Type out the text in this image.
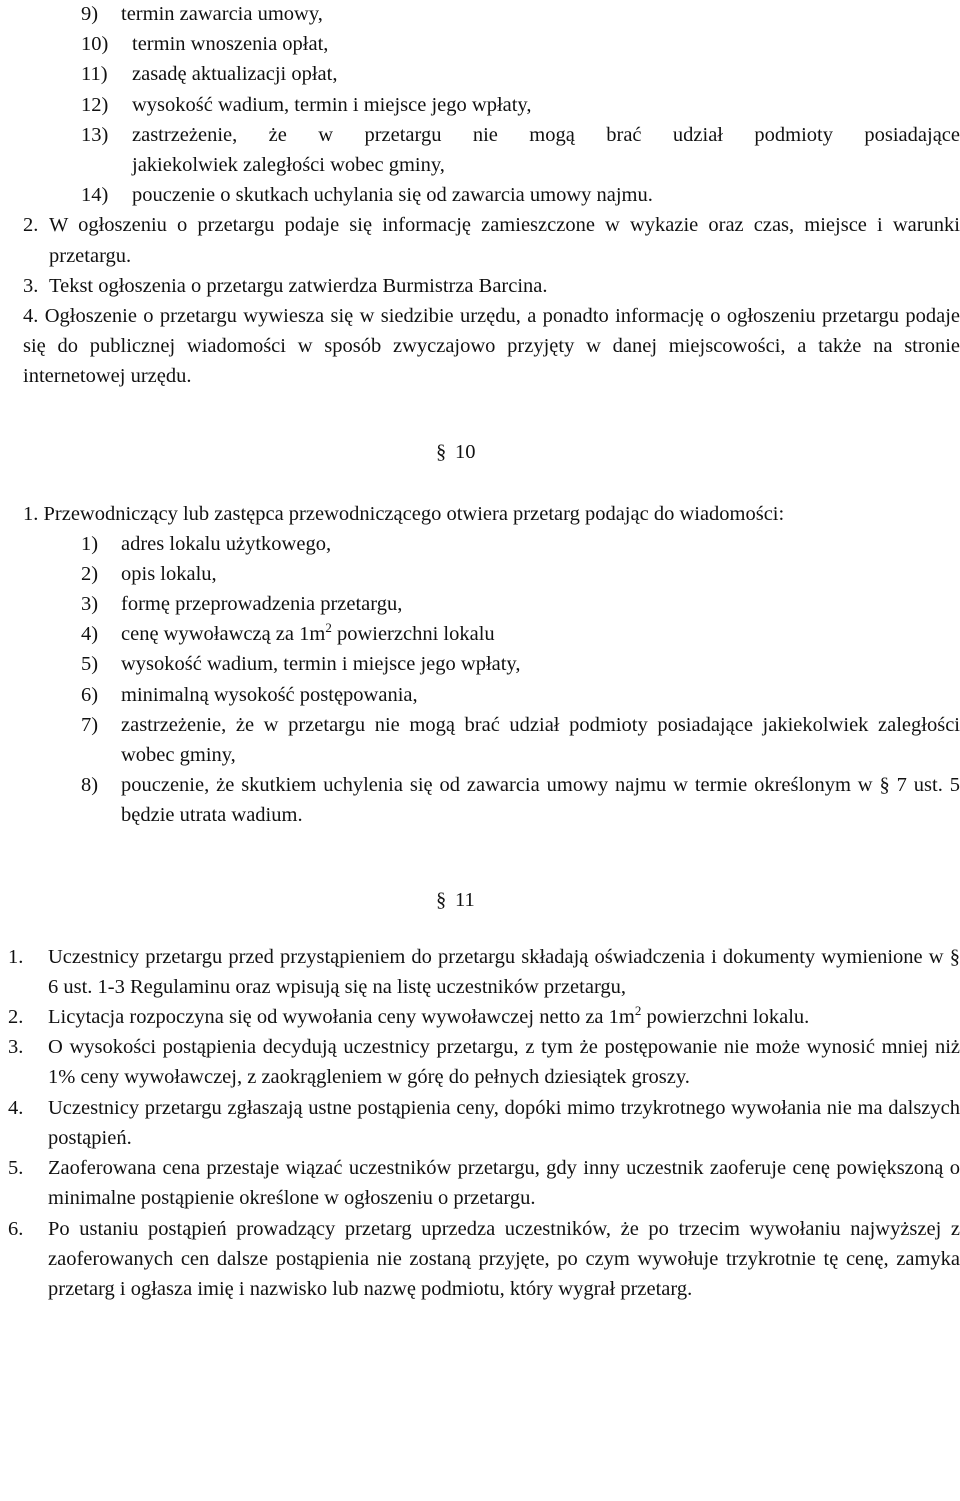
9) termin zawarcia umowy,
10) termin wnoszenia opłat,
11) zasadę aktualizacji opłat,
12) wysokość wadium, termin i miejsce jego wpłaty,
13) zastrzeżenie, że w przetargu nie mogą brać udział podmioty posiadające
jakiekolwiek zaległości wobec gminy,
14) pouczenie o skutkach uchylania się od zawarcia umowy najmu.
2. W ogłoszeniu o przetargu podaje się informację zamieszczone w wykazie oraz czas, miejsce i warunki przetargu.
3. Tekst ogłoszenia o przetargu zatwierdza Burmistrza Barcina.
4. Ogłoszenie o przetargu wywiesza się w siedzibie urzędu, a ponadto informację o ogłoszeniu przetargu podaje się do publicznej wiadomości w sposób zwyczajowo przyjęty w danej miejscowości, a także na stronie internetowej urzędu.
§ 10
1. Przewodniczący lub zastępca przewodniczącego otwiera przetarg podając do wiadomości:
1) adres lokalu użytkowego,
2) opis lokalu,
3) formę przeprowadzenia przetargu,
4) cenę wywoławczą za $1m^2$ powierzchni lokalu
5) wysokość wadium, termin i miejsce jego wpłaty,
6) minimalną wysokość postępowania,
7) zastrzeżenie, że w przetargu nie mogą brać udział podmioty posiadające jakiekolwiek zaległości wobec gminy,
8) pouczenie, że skutkiem uchylenia się od zawarcia umowy najmu w termie określonym w § 7 ust. 5 będzie utrata wadium.
§ 11
1. Uczestnicy przetargu przed przystąpieniem do przetargu składają oświadczenia i dokumenty wymienione w § 6 ust. 1-3 Regulaminu oraz wpisują się na listę uczestników przetargu,
2. Licytacja rozpoczyna się od wywołania ceny wywoławczej netto za $1m^2$ powierzchni lokalu.
3. O wysokości postąpienia decydują uczestnicy przetargu, z tym że postępowanie nie może wynosić mniej niż 1% ceny wywoławczej, z zaokrągleniem w górę do pełnych dziesiątek groszy.
4. Uczestnicy przetargu zgłaszają ustne postąpienia ceny, dopóki mimo trzykrotnego wywołania nie ma dalszych postąpień.
5. Zaoferowana cena przestaje wiązać uczestników przetargu, gdy inny uczestnik zaoferuje cenę powiększoną o minimalne postąpienie określone w ogłoszeniu o przetargu.
6. Po ustaniu postąpień prowadzący przetarg uprzedza uczestników, że po trzecim wywołaniu najwyższej z zaoferowanych cen dalsze postąpienia nie zostaną przyjęte, po czym wywołuje trzykrotnie tę cenę, zamyka przetarg i ogłasza imię i nazwisko lub nazwę podmiotu, który wygrał przetarg.
